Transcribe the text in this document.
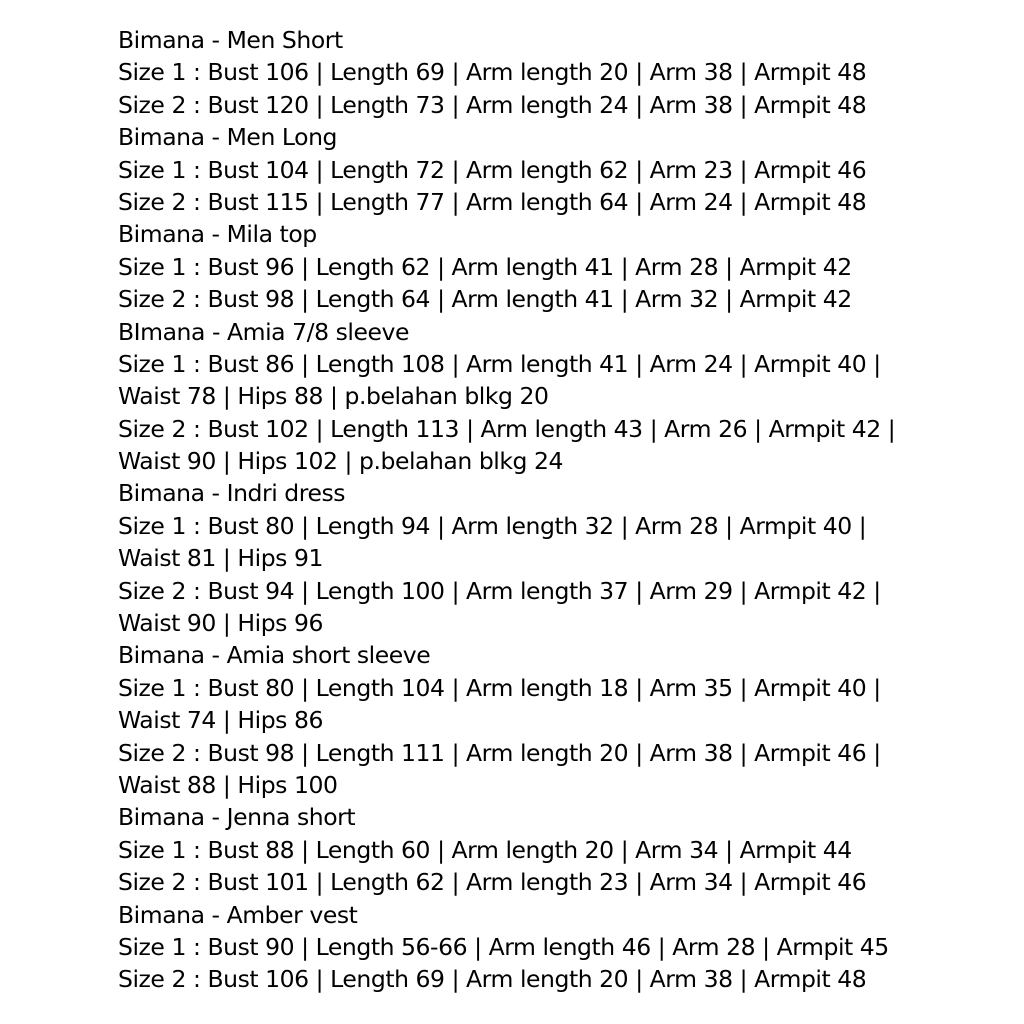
Bimana - Men Short
Size 1 : Bust 106 | Length 69 | Arm length 20 | Arm 38 | Armpit 48
Size 2 : Bust 120 | Length 73 | Arm length 24 | Arm 38 | Armpit 48
Bimana - Men Long
Size 1 : Bust 104 | Length 72 | Arm length 62 | Arm 23 | Armpit 46
Size 2 : Bust 115 | Length 77 | Arm length 64 | Arm 24 | Armpit 48
Bimana - Mila top
Size 1 : Bust 96 | Length 62 | Arm length 41 | Arm 28 | Armpit 42
Size 2 : Bust 98 | Length 64 | Arm length 41 | Arm 32 | Armpit 42
BImana - Amia 7/8 sleeve
Size 1 : Bust 86 | Length 108 | Arm length 41 | Arm 24 | Armpit 40 |
Waist 78 | Hips 88 | p.belahan blkg 20
Size 2 : Bust 102 | Length 113 | Arm length 43 | Arm 26 | Armpit 42 |
Waist 90 | Hips 102 | p.belahan blkg 24
Bimana - Indri dress
Size 1 : Bust 80 | Length 94 | Arm length 32 | Arm 28 | Armpit 40 |
Waist 81 | Hips 91
Size 2 : Bust 94 | Length 100 | Arm length 37 | Arm 29 | Armpit 42 |
Waist 90 | Hips 96
Bimana - Amia short sleeve
Size 1 : Bust 80 | Length 104 | Arm length 18 | Arm 35 | Armpit 40 |
Waist 74 | Hips 86
Size 2 : Bust 98 | Length 111 | Arm length 20 | Arm 38 | Armpit 46 |
Waist 88 | Hips 100
Bimana - Jenna short
Size 1 : Bust 88 | Length 60 | Arm length 20 | Arm 34 | Armpit 44
Size 2 : Bust 101 | Length 62 | Arm length 23 | Arm 34 | Armpit 46
Bimana - Amber vest
Size 1 : Bust 90 | Length 56-66 | Arm length 46 | Arm 28 | Armpit 45
Size 2 : Bust 106 | Length 69 | Arm length 20 | Arm 38 | Armpit 48
